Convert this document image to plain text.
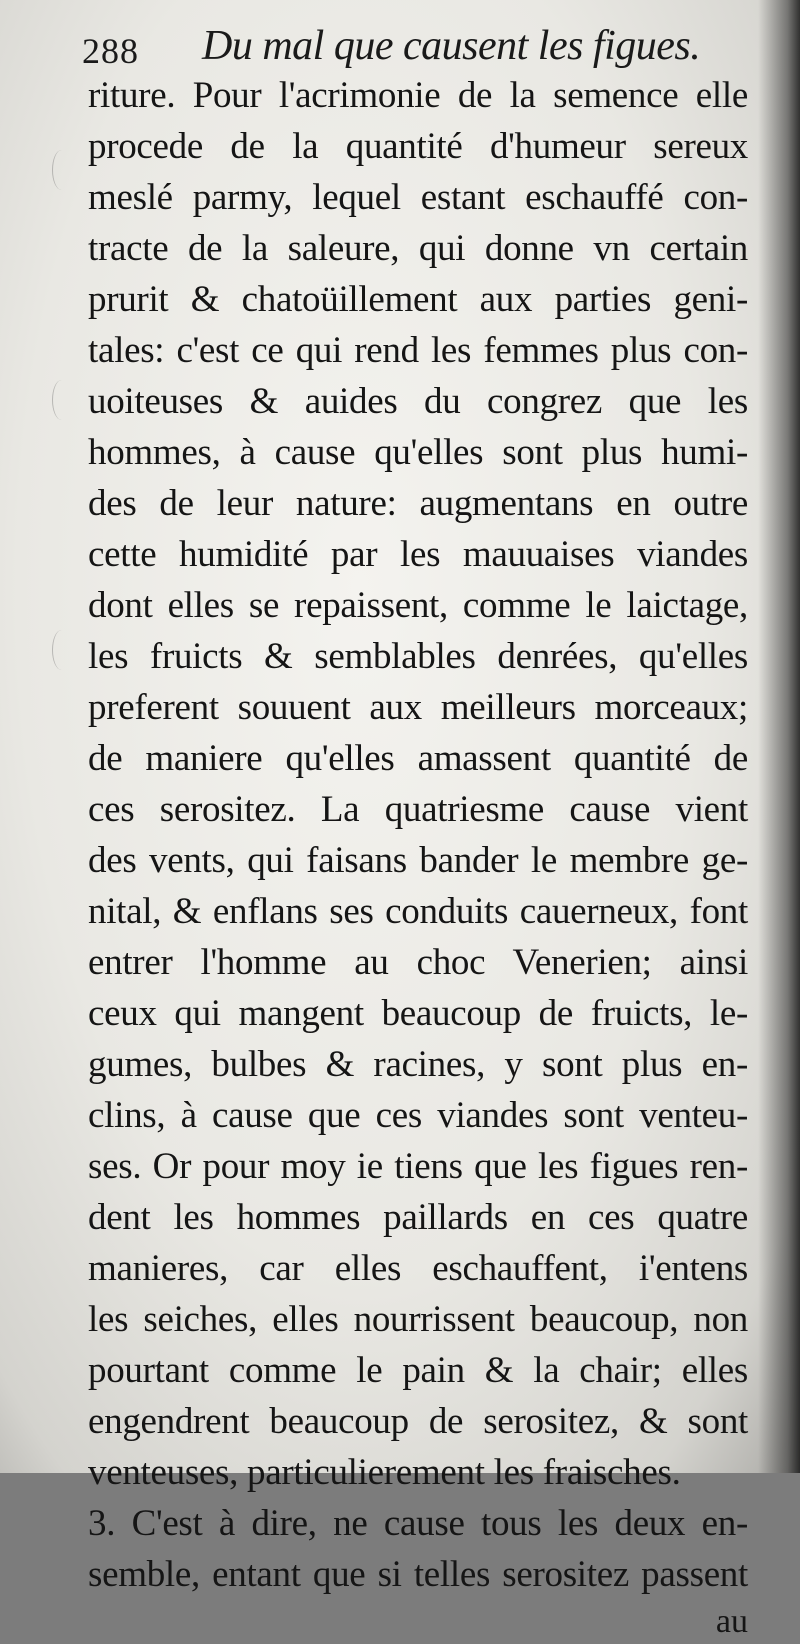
288 Du mal que causent les figues.
riture. Pour l'acrimonie de la semence elle
procede de la quantité d'humeur sereux
meslé parmy, lequel estant eschauffé con-
tracte de la saleure, qui donne vn certain
prurit & chatoüillement aux parties geni-
tales: c'est ce qui rend les femmes plus con-
uoiteuses & auides du congrez que les
hommes, à cause qu'elles sont plus humi-
des de leur nature: augmentans en outre
cette humidité par les mauuaises viandes
dont elles se repaissent, comme le laictage,
les fruicts & semblables denrées, qu'elles
preferent souuent aux meilleurs morceaux;
de maniere qu'elles amassent quantité de
ces serositez. La quatriesme cause vient
des vents, qui faisans bander le membre ge-
nital, & enflans ses conduits cauerneux, font
entrer l'homme au choc Venerien; ainsi
ceux qui mangent beaucoup de fruicts, le-
gumes, bulbes & racines, y sont plus en-
clins, à cause que ces viandes sont venteu-
ses. Or pour moy ie tiens que les figues ren-
dent les hommes paillards en ces quatre
manieres, car elles eschauffent, i'entens
les seiches, elles nourrissent beaucoup, non
pourtant comme le pain & la chair; elles
engendrent beaucoup de serositez, & sont
venteuses, particulierement les fraisches.
3. C'est à dire, ne cause tous les deux en-
semble, entant que si telles serositez passent
au
